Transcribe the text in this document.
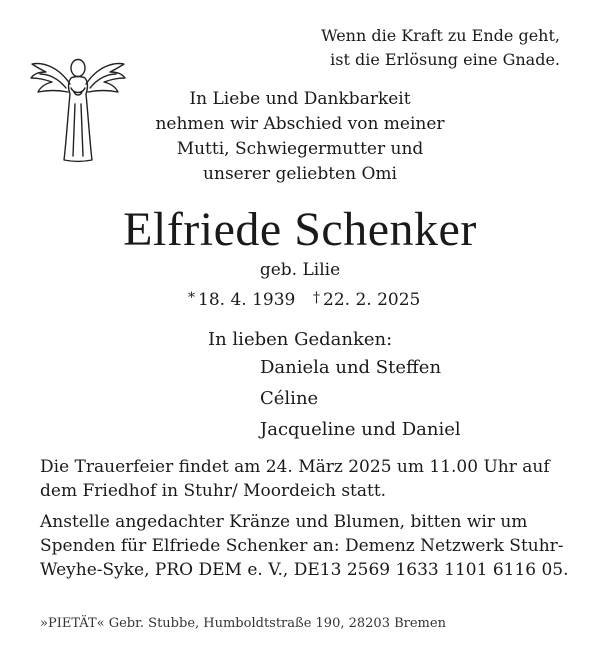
Wenn die Kraft zu Ende geht,
ist die Erlösung eine Gnade.
In Liebe und Dankbarkeit
nehmen wir Abschied von meiner
Mutti, Schwiegermutter und
unserer geliebten Omi
Elfriede Schenker
geb. Lilie
* 18. 4. 1939 † 22. 2. 2025
In lieben Gedanken:
Daniela und Steffen
Céline
Jacqueline und Daniel
Die Trauerfeier findet am 24. März 2025 um 11.00 Uhr auf dem Friedhof in Stuhr/ Moordeich statt.
Anstelle angedachter Kränze und Blumen, bitten wir um Spenden für Elfriede Schenker an: Demenz Netzwerk Stuhr-Weyhe-Syke, PRO DEM e. V., DE13 2569 1633 1101 6116 05.
»PIETÄT« Gebr. Stubbe, Humboldtstraße 190, 28203 Bremen
